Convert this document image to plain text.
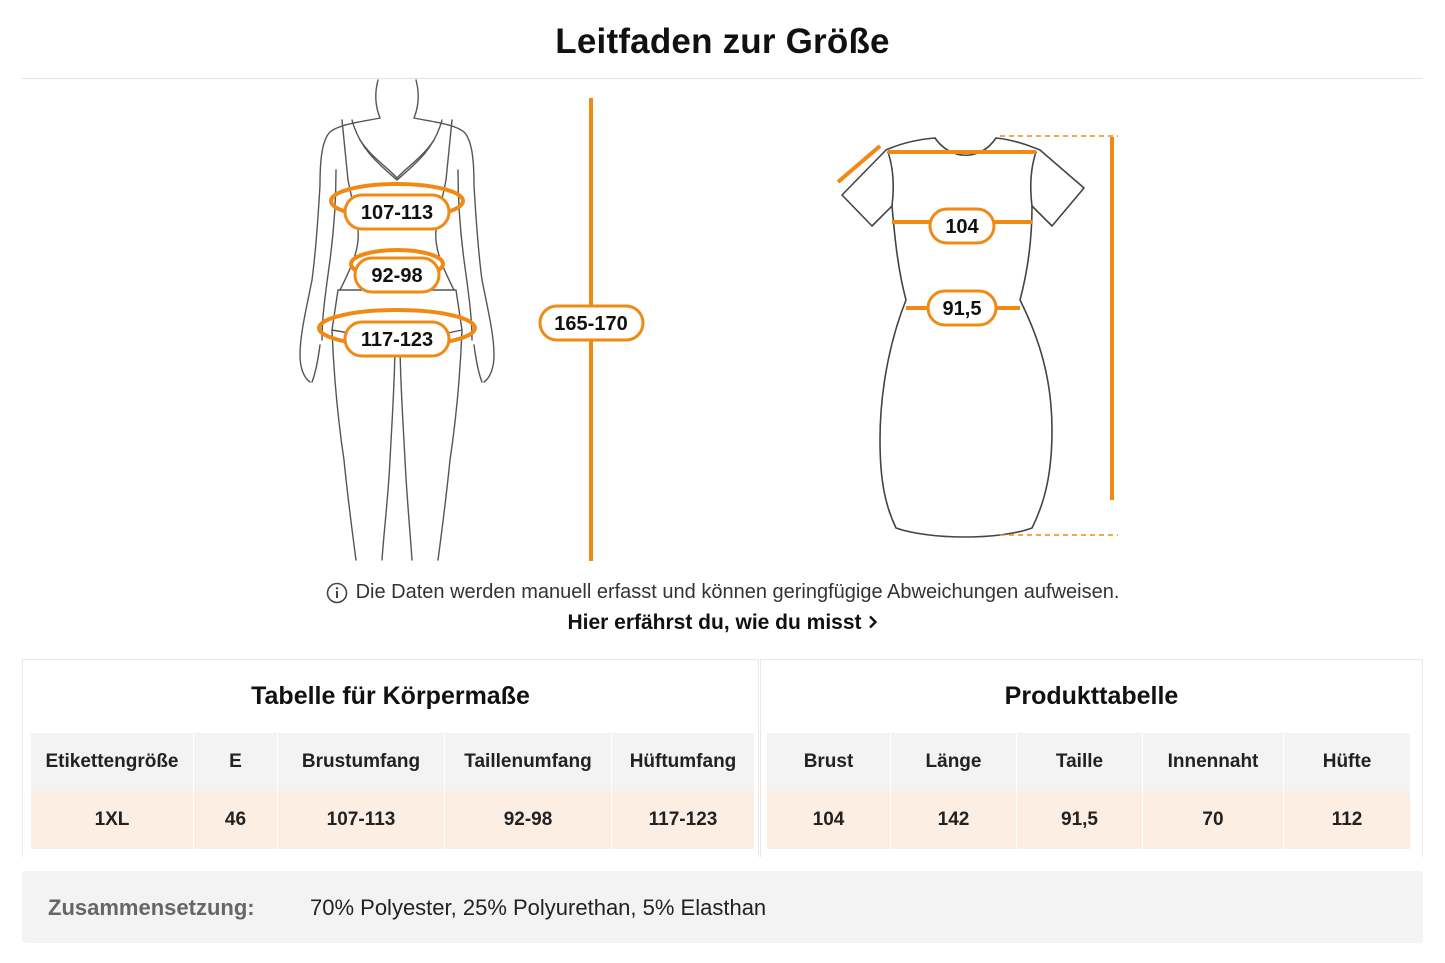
Leitfaden zur Größe
107-113
92-98
117-123
165-170
104
91,5
Die Daten werden manuell erfasst und können geringfügige Abweichungen aufweisen.
Hier erfährst du, wie du misst
Tabelle für Körpermaße
Etikettengröße	E	Brustumfang	Taillenumfang	Hüftumfang
1XL	46	107-113	92-98	117-123
Produkttabelle
Brust	Länge	Taille	Innennaht	Hüfte
104	142	91,5	70	112
Zusammensetzung:	70% Polyester, 25% Polyurethan, 5% Elasthan
